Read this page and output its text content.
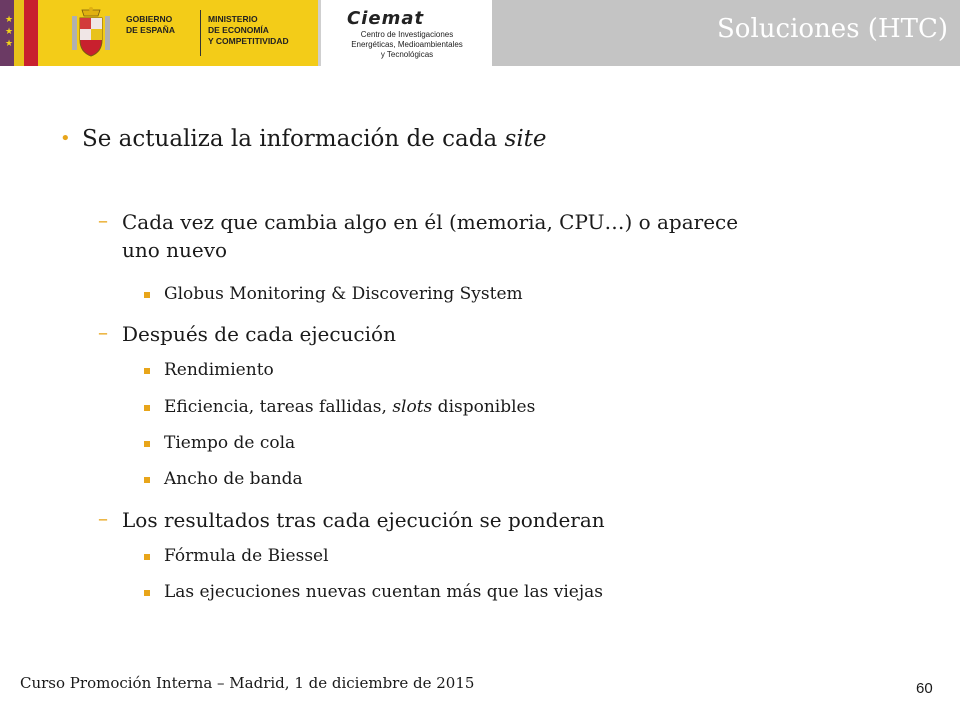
★
★
★
GOBIERNO
DE ESPAÑA
MINISTERIO
DE ECONOMÍA
Y COMPETITIVIDAD
Ciemat
Centro de Investigaciones
Energéticas, Medioambientales
y Tecnológicas
Soluciones (HTC)
• Se actualiza la información de cada site
– Cada vez que cambia algo en él (memoria, CPU…) o aparece
uno nuevo
Globus Monitoring & Discovering System
– Después de cada ejecución
Rendimiento
Eficiencia, tareas fallidas, slots disponibles
Tiempo de cola
Ancho de banda
– Los resultados tras cada ejecución se ponderan
Fórmula de Biessel
Las ejecuciones nuevas cuentan más que las viejas
Curso Promoción Interna – Madrid, 1 de diciembre de 2015	60
